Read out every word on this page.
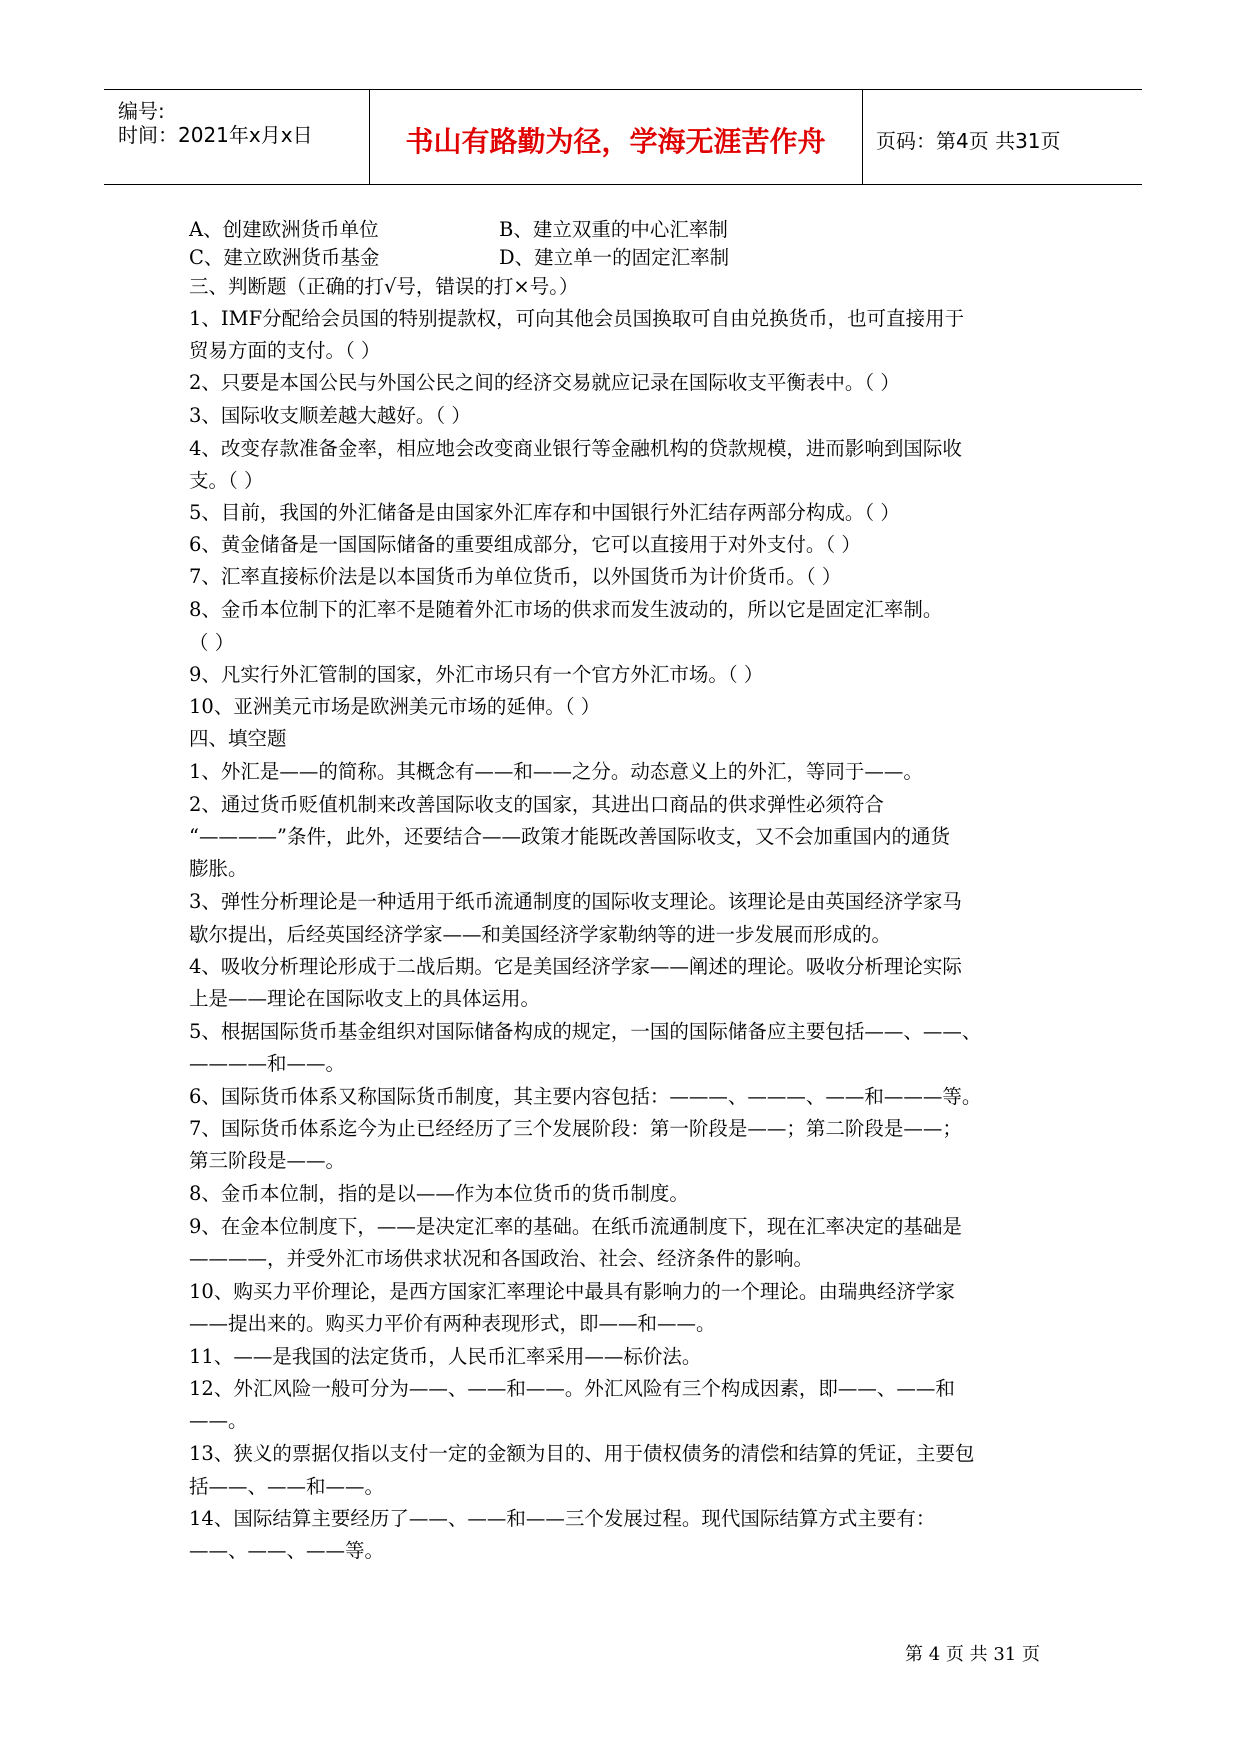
编号:
时间：2021年x月x日	书山有路勤为径，学海无涯苦作舟	页码：第4页 共31页
A、创建欧洲货币单位	B、建立双重的中心汇率制
C、建立欧洲货币基金	D、建立单一的固定汇率制
三、判断题（正确的打√号，错误的打×号。）
1、IMF分配给会员国的特别提款权，可向其他会员国换取可自由兑换货币，也可直接用于
贸易方面的支付。（ ）
2、只要是本国公民与外国公民之间的经济交易就应记录在国际收支平衡表中。（ ）
3、国际收支顺差越大越好。（ ）
4、改变存款准备金率，相应地会改变商业银行等金融机构的贷款规模，进而影响到国际收
支。（ ）
5、目前，我国的外汇储备是由国家外汇库存和中国银行外汇结存两部分构成。（ ）
6、黄金储备是一国国际储备的重要组成部分，它可以直接用于对外支付。（ ）
7、汇率直接标价法是以本国货币为单位货币，以外国货币为计价货币。（ ）
8、金币本位制下的汇率不是随着外汇市场的供求而发生波动的，所以它是固定汇率制。
（ ）
9、凡实行外汇管制的国家，外汇市场只有一个官方外汇市场。（ ）
10、亚洲美元市场是欧洲美元市场的延伸。（ ）
四、填空题
1、外汇是——的简称。其概念有——和——之分。动态意义上的外汇，等同于——。
2、通过货币贬值机制来改善国际收支的国家，其进出口商品的供求弹性必须符合
“————”条件，此外，还要结合——政策才能既改善国际收支，又不会加重国内的通货
膨胀。
3、弹性分析理论是一种适用于纸币流通制度的国际收支理论。该理论是由英国经济学家马
歇尔提出，后经英国经济学家——和美国经济学家勒纳等的进一步发展而形成的。
4、吸收分析理论形成于二战后期。它是美国经济学家——阐述的理论。吸收分析理论实际
上是——理论在国际收支上的具体运用。
5、根据国际货币基金组织对国际储备构成的规定，一国的国际储备应主要包括——、——、
————和——。
6、国际货币体系又称国际货币制度，其主要内容包括：———、———、——和———等。
7、国际货币体系迄今为止已经经历了三个发展阶段：第一阶段是——；第二阶段是——；
第三阶段是——。
8、金币本位制，指的是以——作为本位货币的货币制度。
9、在金本位制度下，——是决定汇率的基础。在纸币流通制度下，现在汇率决定的基础是
————，并受外汇市场供求状况和各国政治、社会、经济条件的影响。
10、购买力平价理论，是西方国家汇率理论中最具有影响力的一个理论。由瑞典经济学家
——提出来的。购买力平价有两种表现形式，即——和——。
11、——是我国的法定货币，人民币汇率采用——标价法。
12、外汇风险一般可分为——、——和——。外汇风险有三个构成因素，即——、——和
——。
13、狭义的票据仅指以支付一定的金额为目的、用于债权债务的清偿和结算的凭证，主要包
括——、——和——。
14、国际结算主要经历了——、——和——三个发展过程。现代国际结算方式主要有：
——、——、——等。
第 4 页 共 31 页
